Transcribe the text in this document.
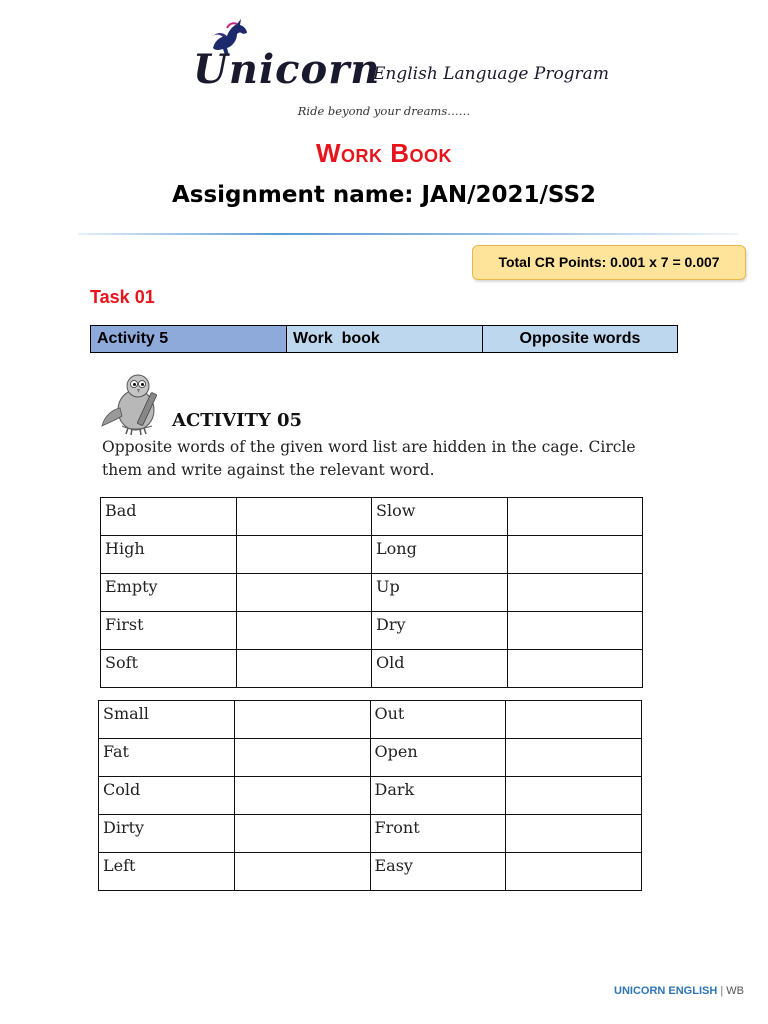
Unicorn
English Language Program
Ride beyond your dreams……
Work Book
Assignment name: JAN/2021/SS2
Total CR Points: 0.001 x 7 = 0.007
Task 01
Activity 5	Work  book	Opposite words
ACTIVITY 05
Opposite words of the given word list are hidden in the cage. Circle them and write against the relevant word.
Bad		Slow	
High		Long	
Empty		Up	
First		Dry	
Soft		Old	
Small		Out	
Fat		Open	
Cold		Dark	
Dirty		Front	
Left		Easy	
UNICORN ENGLISH | WB
